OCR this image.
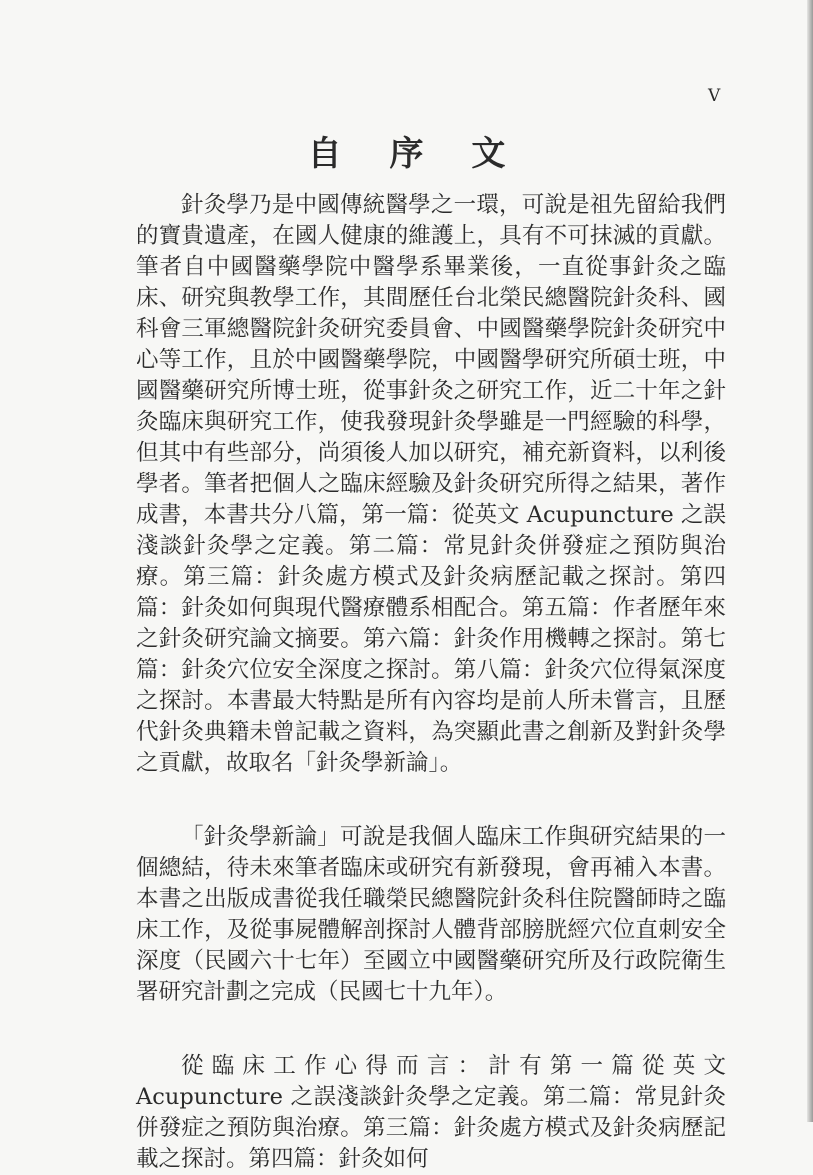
V
自 序 文

針灸學乃是中國傳統醫學之一環，可說是祖先留給我們的寶貴遺產，在國人健康的維護上，具有不可抹滅的貢獻。筆者自中國醫藥學院中醫學系畢業後，一直從事針灸之臨床、研究與教學工作，其間歷任台北榮民總醫院針灸科、國科會三軍總醫院針灸研究委員會、中國醫藥學院針灸研究中心等工作，且於中國醫藥學院，中國醫學研究所碩士班，中國醫藥研究所博士班，從事針灸之研究工作，近二十年之針灸臨床與研究工作，使我發現針灸學雖是一門經驗的科學，但其中有些部分，尚須後人加以研究，補充新資料，以利後學者。筆者把個人之臨床經驗及針灸研究所得之結果，著作成書，本書共分八篇，第一篇：從英文 Acupuncture 之誤淺談針灸學之定義。第二篇：常見針灸併發症之預防與治療。第三篇：針灸處方模式及針灸病歷記載之探討。第四篇：針灸如何與現代醫療體系相配合。第五篇：作者歷年來之針灸研究論文摘要。第六篇：針灸作用機轉之探討。第七篇：針灸穴位安全深度之探討。第八篇：針灸穴位得氣深度之探討。本書最大特點是所有內容均是前人所未嘗言，且歷代針灸典籍未曾記載之資料，為突顯此書之創新及對針灸學之貢獻，故取名「針灸學新論」。

「針灸學新論」可說是我個人臨床工作與研究結果的一個總結，待未來筆者臨床或研究有新發現，會再補入本書。本書之出版成書從我任職榮民總醫院針灸科住院醫師時之臨床工作，及從事屍體解剖探討人體背部膀胱經穴位直刺安全深度（民國六十七年）至國立中國醫藥研究所及行政院衛生署研究計劃之完成（民國七十九年）。

從臨床工作心得而言：計有第一篇從英文 Acupuncture 之誤淺談針灸學之定義。第二篇：常見針灸併發症之預防與治療。第三篇：針灸處方模式及針灸病歷記載之探討。第四篇：針灸如何
